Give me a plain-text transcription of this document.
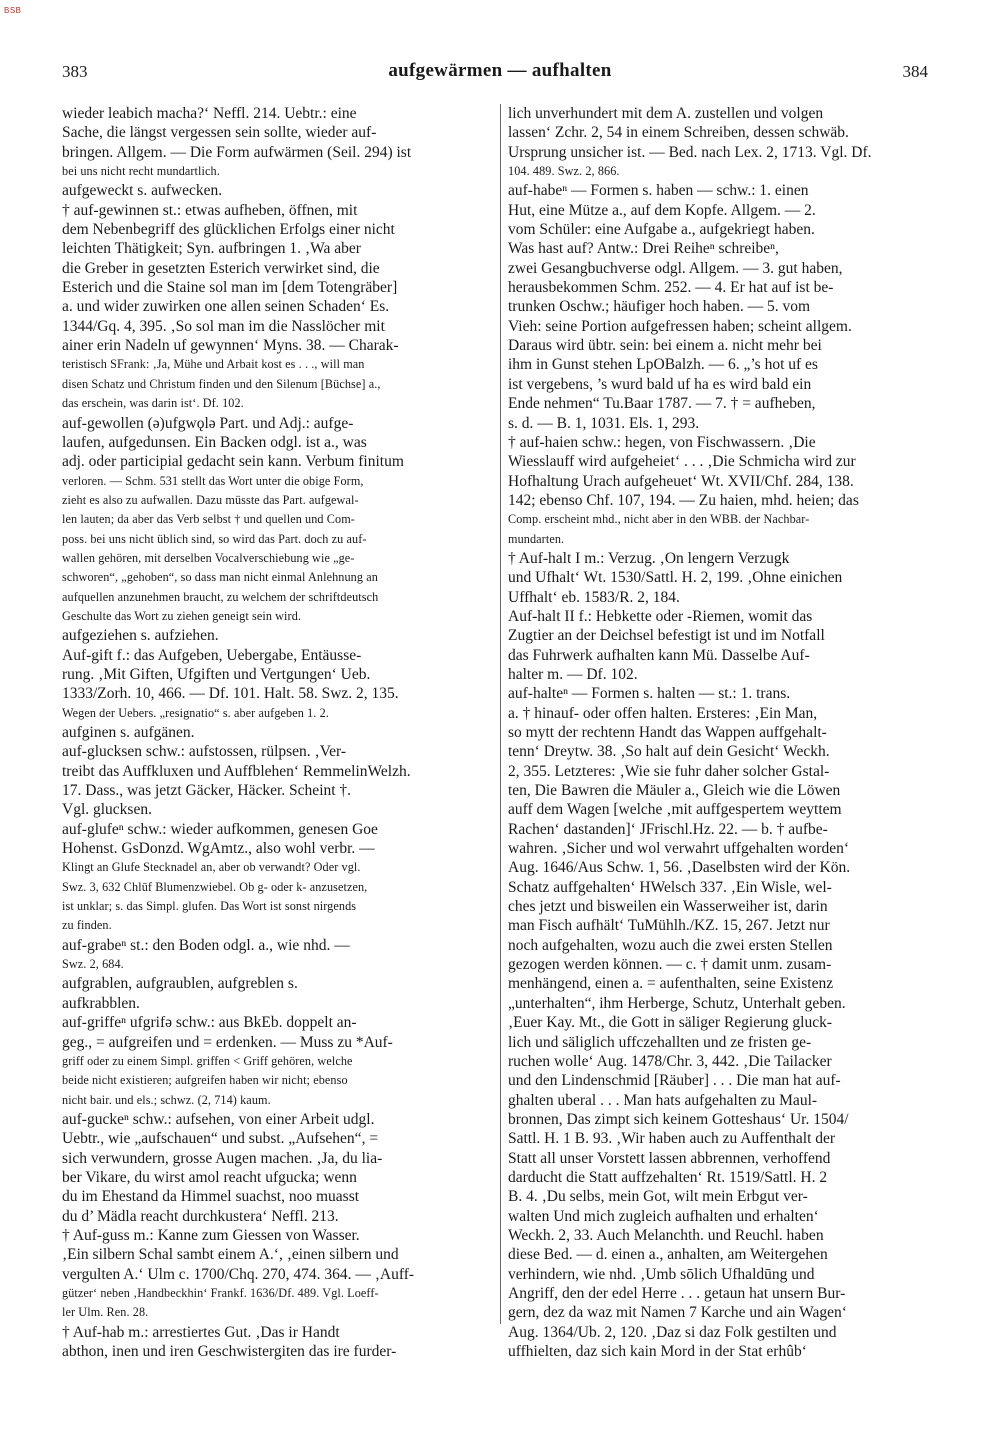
BSB
383	aufgewärmen — aufhalten	384
wieder leabich macha?‘ Neffl. 214. Uebtr.: eine
Sache, die längst vergessen sein sollte, wieder auf-
bringen. Allgem. — Die Form aufwärmen (Seil. 294) ist
bei uns nicht recht mundartlich.
aufgeweckt s. aufwecken.
† auf-gewinnen st.: etwas aufheben, öffnen, mit
dem Nebenbegriff des glücklichen Erfolgs einer nicht
leichten Thätigkeit; Syn. aufbringen 1. ‚Wa aber
die Greber in gesetzten Esterich verwirket sind, die
Esterich und die Staine sol man im [dem Totengräber]
a. und wider zuwirken one allen seinen Schaden‘ Es.
1344/Gq. 4, 395. ‚So sol man im die Nasslöcher mit
ainer erin Nadeln uf gewynnen‘ Myns. 38. — Charak-
teristisch SFrank: ‚Ja, Mühe und Arbait kost es . . ., will man
disen Schatz und Christum finden und den Silenum [Büchse] a.,
das erschein, was darin ist‘. Df. 102.
auf-gewollen (ə)ufgwǫlə Part. und Adj.: aufge-
laufen, aufgedunsen. Ein Backen odgl. ist a., was
adj. oder participial gedacht sein kann. Verbum finitum
verloren. — Schm. 531 stellt das Wort unter die obige Form,
zieht es also zu aufwallen. Dazu müsste das Part. aufgewal-
len lauten; da aber das Verb selbst † und quellen und Com-
poss. bei uns nicht üblich sind, so wird das Part. doch zu auf-
wallen gehören, mit derselben Vocalverschiebung wie „ge-
schworen“, „gehoben“, so dass man nicht einmal Anlehnung an
aufquellen anzunehmen braucht, zu welchem der schriftdeutsch
Geschulte das Wort zu ziehen geneigt sein wird.
aufgeziehen s. aufziehen.
Auf-gift f.: das Aufgeben, Uebergabe, Entäusse-
rung. ‚Mit Giften, Ufgiften und Vertgungen‘ Ueb.
1333/Zorh. 10, 466. — Df. 101. Halt. 58. Swz. 2, 135.
Wegen der Uebers. „resignatio“ s. aber aufgeben 1. 2.
aufginen s. aufgänen.
auf-glucksen schw.: aufstossen, rülpsen. ‚Ver-
treibt das Auffkluxen und Auffblehen‘ RemmelinWelzh.
17. Dass., was jetzt Gäcker, Häcker. Scheint †.
Vgl. glucksen.
auf-glufeⁿ schw.: wieder aufkommen, genesen Goe
Hohenst. GsDonzd. WgAmtz., also wohl verbr. —
Klingt an Glufe Stecknadel an, aber ob verwandt? Oder vgl.
Swz. 3, 632 Chlūf Blumenzwiebel. Ob g- oder k- anzusetzen,
ist unklar; s. das Simpl. glufen. Das Wort ist sonst nirgends
zu finden.
auf-grabeⁿ st.: den Boden odgl. a., wie nhd. —
Swz. 2, 684.
aufgrablen, aufgraublen, aufgreblen s.
aufkrabblen.
auf-griffeⁿ ufgrifə schw.: aus BkEb. doppelt an-
geg., = aufgreifen und = erdenken. — Muss zu *Auf-
griff oder zu einem Simpl. griffen < Griff gehören, welche
beide nicht existieren; aufgreifen haben wir nicht; ebenso
nicht bair. und els.; schwz. (2, 714) kaum.
auf-guckeⁿ schw.: aufsehen, von einer Arbeit udgl.
Uebtr., wie „aufschauen“ und subst. „Aufsehen“, =
sich verwundern, grosse Augen machen. ‚Ja, du lia-
ber Vikare, du wirst amol reacht ufgucka; wenn
du im Ehestand da Himmel suachst, noo muasst
du d’ Mädla reacht durchkustera‘ Neffl. 213.
† Auf-guss m.: Kanne zum Giessen von Wasser.
‚Ein silbern Schal sambt einem A.‘, ‚einen silbern und
vergulten A.‘ Ulm c. 1700/Chq. 270, 474. 364. — ‚Auff-
gützer‘ neben ‚Handbeckhin‘ Frankf. 1636/Df. 489. Vgl. Loeff-
ler Ulm. Ren. 28.
† Auf-hab m.: arrestiertes Gut. ‚Das ir Handt
abthon, inen und iren Geschwistergiten das ire furder-
lich unverhundert mit dem A. zustellen und volgen
lassen‘ Zchr. 2, 54 in einem Schreiben, dessen schwäb.
Ursprung unsicher ist. — Bed. nach Lex. 2, 1713. Vgl. Df.
104. 489. Swz. 2, 866.
auf-habeⁿ — Formen s. haben — schw.: 1. einen
Hut, eine Mütze a., auf dem Kopfe. Allgem. — 2.
vom Schüler: eine Aufgabe a., aufgekriegt haben.
Was hast auf? Antw.: Drei Reiheⁿ schreibeⁿ,
zwei Gesangbuchverse odgl. Allgem. — 3. gut haben,
herausbekommen Schm. 252. — 4. Er hat auf ist be-
trunken Oschw.; häufiger hoch haben. — 5. vom
Vieh: seine Portion aufgefressen haben; scheint allgem.
Daraus wird übtr. sein: bei einem a. nicht mehr bei
ihm in Gunst stehen LpOBalzh. — 6. „’s hot uf es
ist vergebens, ’s wurd bald uf ha es wird bald ein
Ende nehmen“ Tu.Baar 1787. — 7. † = aufheben,
s. d. — B. 1, 1031. Els. 1, 293.
† auf-haien schw.: hegen, von Fischwassern. ‚Die
Wiesslauff wird aufgeheiet‘ . . . ‚Die Schmicha wird zur
Hofhaltung Urach aufgeheuet‘ Wt. XVII/Chf. 284, 138.
142; ebenso Chf. 107, 194. — Zu haien, mhd. heien; das
Comp. erscheint mhd., nicht aber in den WBB. der Nachbar-
mundarten.
† Auf-halt I m.: Verzug. ‚On lengern Verzugk
und Ufhalt‘ Wt. 1530/Sattl. H. 2, 199. ‚Ohne einichen
Uffhalt‘ eb. 1583/R. 2, 184.
Auf-halt II f.: Hebkette oder -Riemen, womit das
Zugtier an der Deichsel befestigt ist und im Notfall
das Fuhrwerk aufhalten kann Mü. Dasselbe Auf-
halter m. — Df. 102.
auf-halteⁿ — Formen s. halten — st.: 1. trans.
a. † hinauf- oder offen halten. Ersteres: ‚Ein Man,
so mytt der rechtenn Handt das Wappen auffgehalt-
tenn‘ Dreytw. 38. ‚So halt auf dein Gesicht‘ Weckh.
2, 355. Letzteres: ‚Wie sie fuhr daher solcher Gstal-
ten, Die Bawren die Mäuler a., Gleich wie die Löwen
auff dem Wagen [welche ‚mit auffgespertem weyttem
Rachen‘ dastanden]‘ JFrischl.Hz. 22. — b. † aufbe-
wahren. ‚Sicher und wol verwahrt uffgehalten worden‘
Aug. 1646/Aus Schw. 1, 56. ‚Daselbsten wird der Kön.
Schatz auffgehalten‘ HWelsch 337. ‚Ein Wisle, wel-
ches jetzt und bisweilen ein Wasserweiher ist, darin
man Fisch aufhält‘ TuMühlh./KZ. 15, 267. Jetzt nur
noch aufgehalten, wozu auch die zwei ersten Stellen
gezogen werden können. — c. † damit unm. zusam-
menhängend, einen a. = aufenthalten, seine Existenz
„unterhalten“, ihm Herberge, Schutz, Unterhalt geben.
‚Euer Kay. Mt., die Gott in säliger Regierung gluck-
lich und säliglich uffczehallten und ze fristen ge-
ruchen wolle‘ Aug. 1478/Chr. 3, 442. ‚Die Tailacker
und den Lindenschmid [Räuber] . . . Die man hat auf-
ghalten uberal . . . Man hats aufgehalten zu Maul-
bronnen, Das zimpt sich keinem Gotteshaus‘ Ur. 1504/
Sattl. H. 1 B. 93. ‚Wir haben auch zu Auffenthalt der
Statt all unser Vorstett lassen abbrennen, verhoffend
darducht die Statt auffzehalten‘ Rt. 1519/Sattl. H. 2
B. 4. ‚Du selbs, mein Got, wilt mein Erbgut ver-
walten Und mich zugleich aufhalten und erhalten‘
Weckh. 2, 33. Auch Melanchth. und Reuchl. haben
diese Bed. — d. einen a., anhalten, am Weitergehen
verhindern, wie nhd. ‚Umb sōlich Ufhaldūng und
Angriff, den der edel Herre . . . getaun hat unsern Bur-
gern, dez da waz mit Namen 7 Karche und ain Wagen‘
Aug. 1364/Ub. 2, 120. ‚Daz si daz Folk gestilten und
uffhielten, daz sich kain Mord in der Stat erhûb‘
